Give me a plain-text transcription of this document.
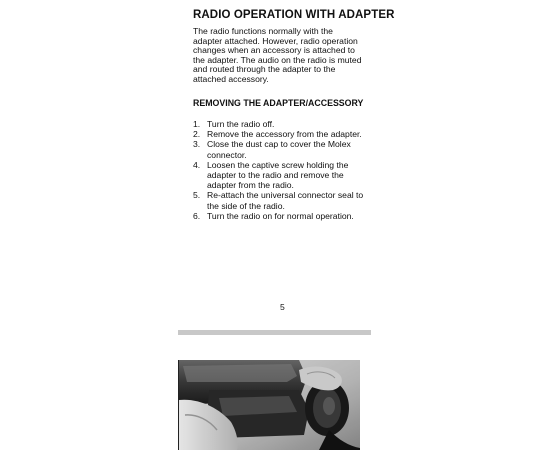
RADIO OPERATION WITH ADAPTER
The radio functions normally with the
adapter attached. However, radio operation
changes when an accessory is attached to
the adapter. The audio on the radio is muted
and routed through the adapter to the
attached accessory.
REMOVING THE ADAPTER/ACCESSORY
1. Turn the radio off.
2. Remove the accessory from the adapter.
3. Close the dust cap to cover the Molex
connector.
4. Loosen the captive screw holding the
adapter to the radio and remove the
adapter from the radio.
5. Re-attach the universal connector seal to
the side of the radio.
6. Turn the radio on for normal operation.
5
